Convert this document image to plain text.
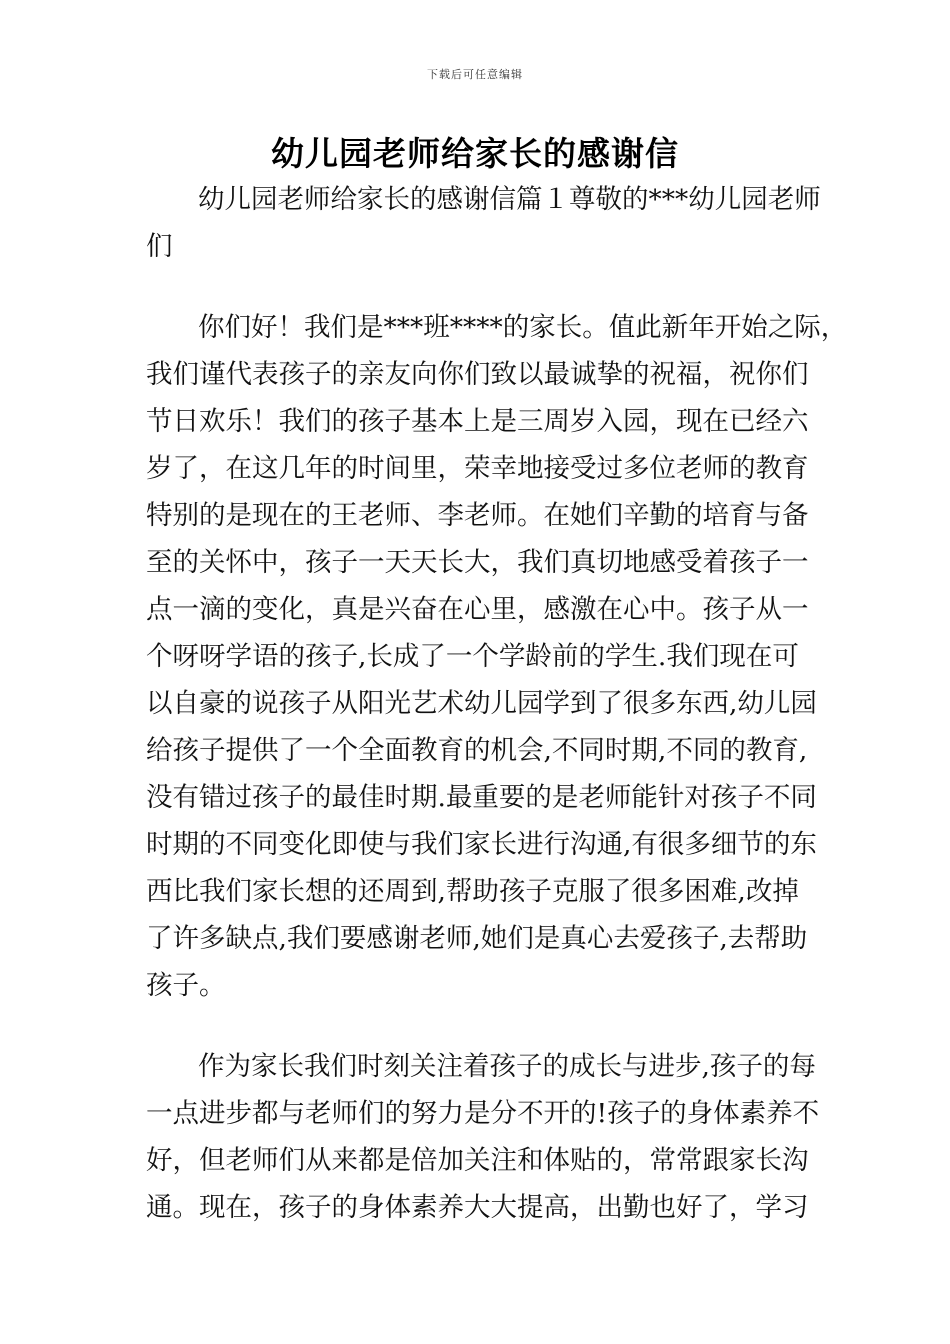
下载后可任意编辑
幼儿园老师给家长的感谢信
幼儿园老师给家长的感谢信篇１尊敬的***幼儿园老师
们
你们好！我们是***班****的家长。值此新年开始之际，
我们谨代表孩子的亲友向你们致以最诚挚的祝福，祝你们
节日欢乐！我们的孩子基本上是三周岁入园，现在已经六
岁了，在这几年的时间里，荣幸地接受过多位老师的教育
特别的是现在的王老师、李老师。在她们辛勤的培育与备
至的关怀中，孩子一天天长大，我们真切地感受着孩子一
点一滴的变化，真是兴奋在心里，感激在心中。孩子从一
个呀呀学语的孩子,长成了一个学龄前的学生.我们现在可
以自豪的说孩子从阳光艺术幼儿园学到了很多东西,幼儿园
给孩子提供了一个全面教育的机会,不同时期,不同的教育,
没有错过孩子的最佳时期.最重要的是老师能针对孩子不同
时期的不同变化即使与我们家长进行沟通,有很多细节的东
西比我们家长想的还周到,帮助孩子克服了很多困难,改掉
了许多缺点,我们要感谢老师,她们是真心去爱孩子,去帮助
孩子。
作为家长我们时刻关注着孩子的成长与进步,孩子的每
一点进步都与老师们的努力是分不开的!孩子的身体素养不
好，但老师们从来都是倍加关注和体贴的，常常跟家长沟
通。现在，孩子的身体素养大大提高，出勤也好了，学习
